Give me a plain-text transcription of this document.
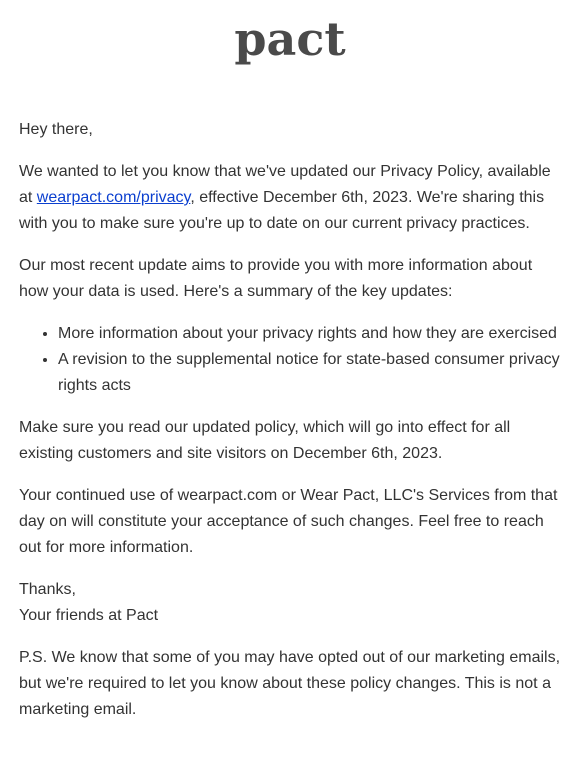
pact

Hey there,

We wanted to let you know that we've updated our Privacy Policy, available at wearpact.com/privacy, effective December 6th, 2023. We're sharing this with you to make sure you're up to date on our current privacy practices.

Our most recent update aims to provide you with more information about how your data is used. Here's a summary of the key updates:

• More information about your privacy rights and how they are exercised
• A revision to the supplemental notice for state-based consumer privacy rights acts

Make sure you read our updated policy, which will go into effect for all existing customers and site visitors on December 6th, 2023.

Your continued use of wearpact.com or Wear Pact, LLC's Services from that day on will constitute your acceptance of such changes. Feel free to reach out for more information.

Thanks,
Your friends at Pact

P.S. We know that some of you may have opted out of our marketing emails, but we're required to let you know about these policy changes. This is not a marketing email.
